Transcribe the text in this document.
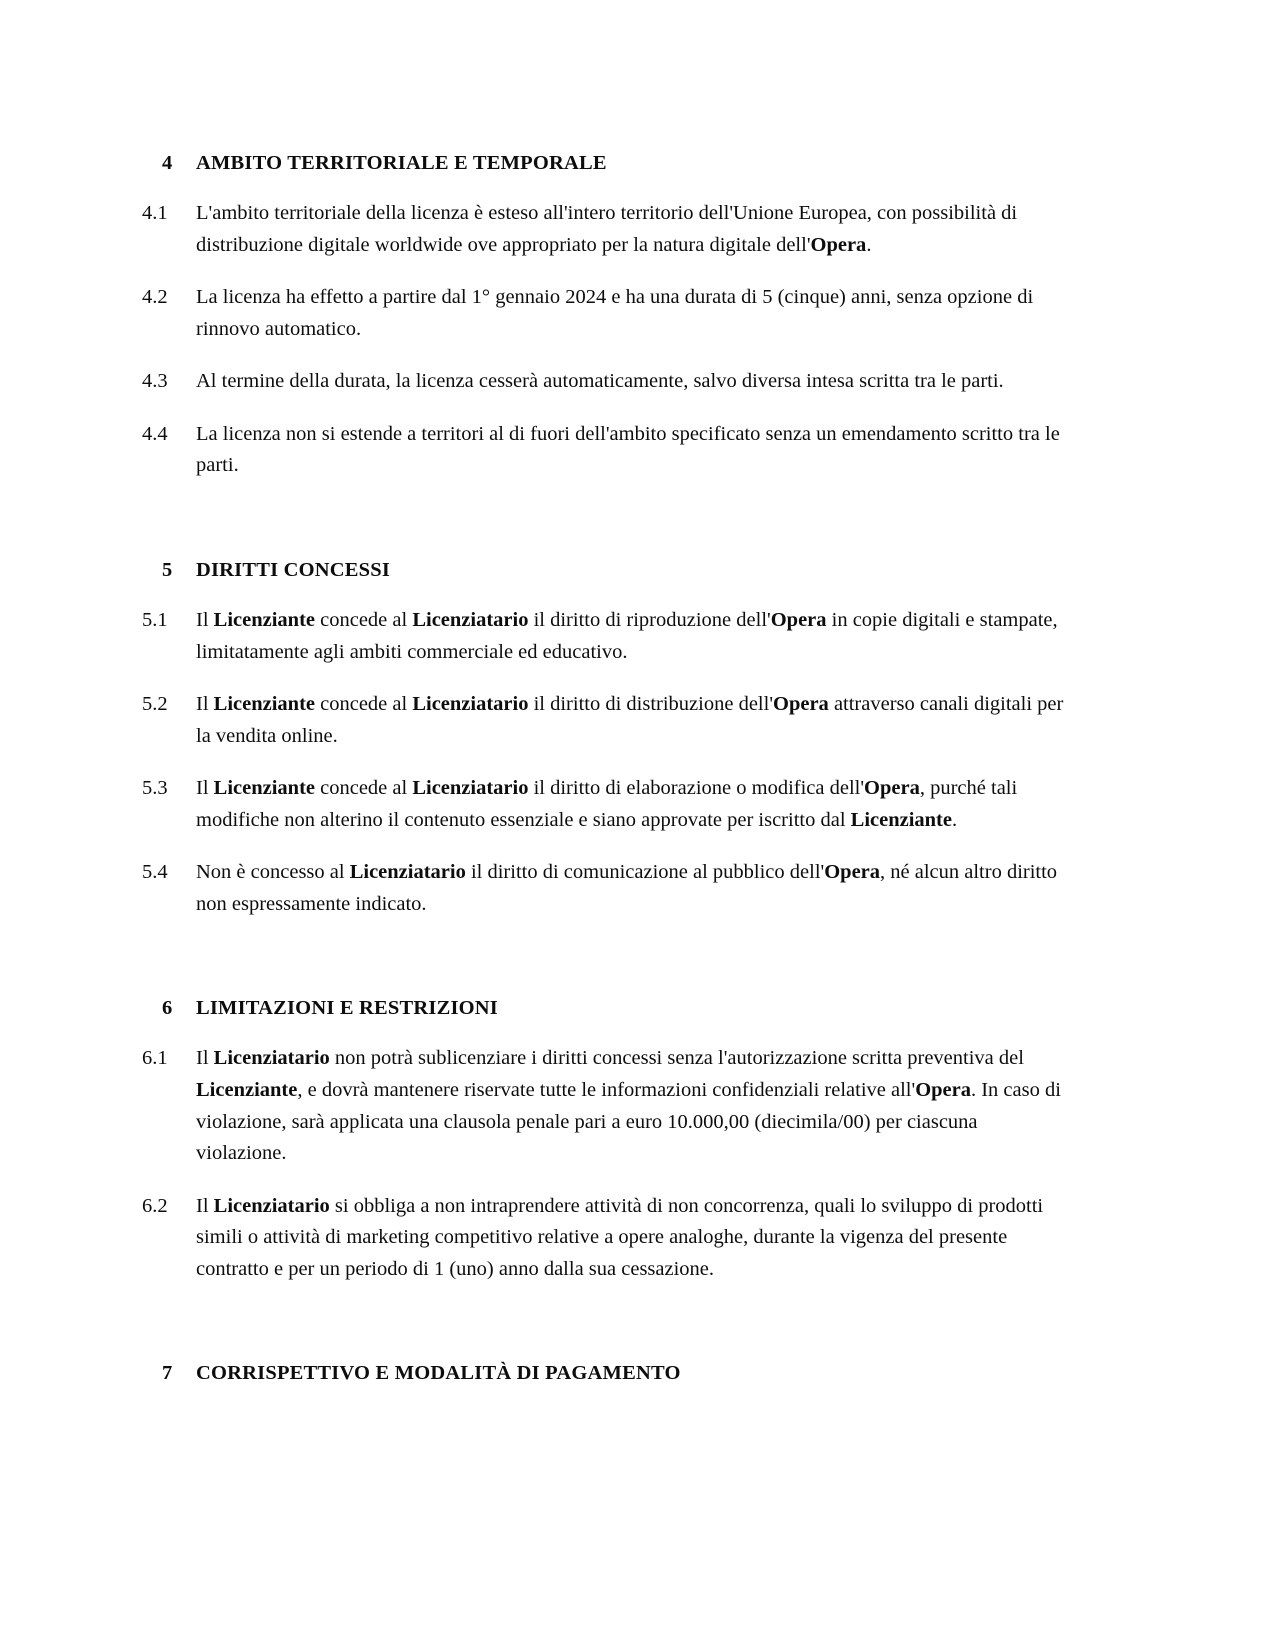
4	AMBITO TERRITORIALE E TEMPORALE
4.1	L'ambito territoriale della licenza è esteso all'intero territorio dell'Unione Europea, con possibilità di distribuzione digitale worldwide ove appropriato per la natura digitale dell'Opera.
4.2	La licenza ha effetto a partire dal 1° gennaio 2024 e ha una durata di 5 (cinque) anni, senza opzione di rinnovo automatico.
4.3	Al termine della durata, la licenza cesserà automaticamente, salvo diversa intesa scritta tra le parti.
4.4	La licenza non si estende a territori al di fuori dell'ambito specificato senza un emendamento scritto tra le parti.
5	DIRITTI CONCESSI
5.1	Il Licenziante concede al Licenziatario il diritto di riproduzione dell'Opera in copie digitali e stampate, limitatamente agli ambiti commerciale ed educativo.
5.2	Il Licenziante concede al Licenziatario il diritto di distribuzione dell'Opera attraverso canali digitali per la vendita online.
5.3	Il Licenziante concede al Licenziatario il diritto di elaborazione o modifica dell'Opera, purché tali modifiche non alterino il contenuto essenziale e siano approvate per iscritto dal Licenziante.
5.4	Non è concesso al Licenziatario il diritto di comunicazione al pubblico dell'Opera, né alcun altro diritto non espressamente indicato.
6	LIMITAZIONI E RESTRIZIONI
6.1	Il Licenziatario non potrà sublicenziare i diritti concessi senza l'autorizzazione scritta preventiva del Licenziante, e dovrà mantenere riservate tutte le informazioni confidenziali relative all'Opera. In caso di violazione, sarà applicata una clausola penale pari a euro 10.000,00 (diecimila/00) per ciascuna violazione.
6.2	Il Licenziatario si obbliga a non intraprendere attività di non concorrenza, quali lo sviluppo di prodotti simili o attività di marketing competitivo relative a opere analoghe, durante la vigenza del presente contratto e per un periodo di 1 (uno) anno dalla sua cessazione.
7	CORRISPETTIVO E MODALITÀ DI PAGAMENTO
